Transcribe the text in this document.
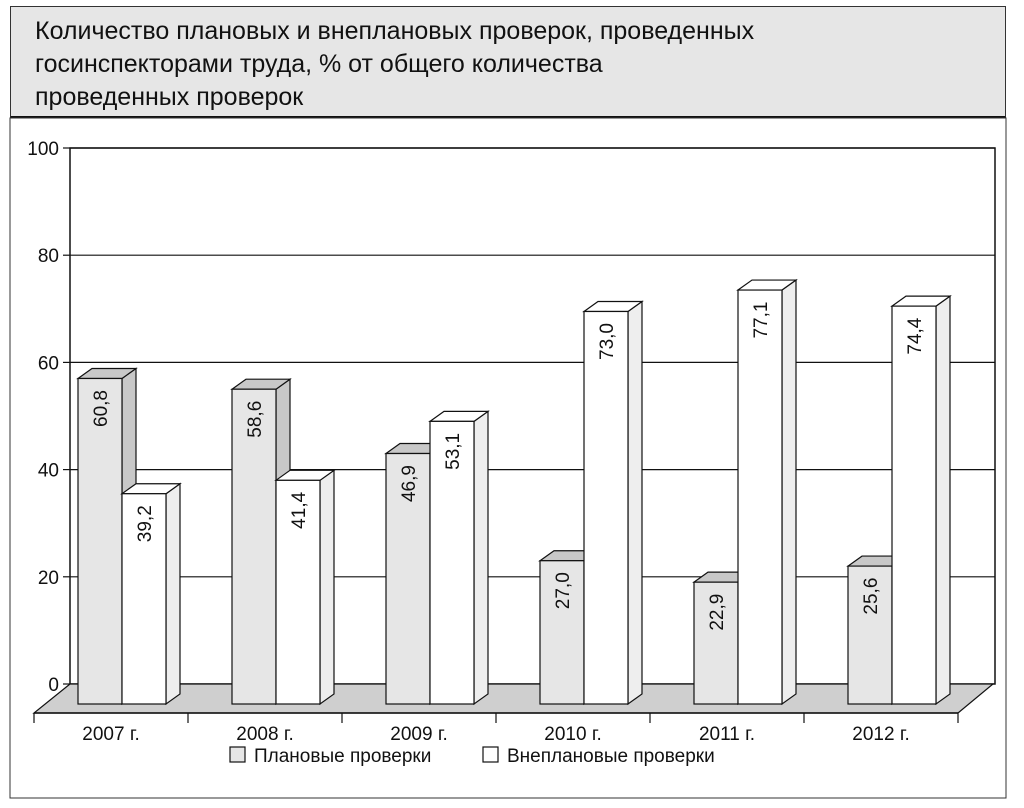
Количество плановых и внеплановых проверок, проведенных
госинспекторами труда, % от общего количества
проведенных проверок
0
20
40
60
80
100
60,8
39,2
2007 г.
58,6
41,4
2008 г.
46,9
53,1
2009 г.
27,0
73,0
2010 г.
22,9
77,1
2011 г.
25,6
74,4
2012 г.
Плановые проверки	Внеплановые проверки
